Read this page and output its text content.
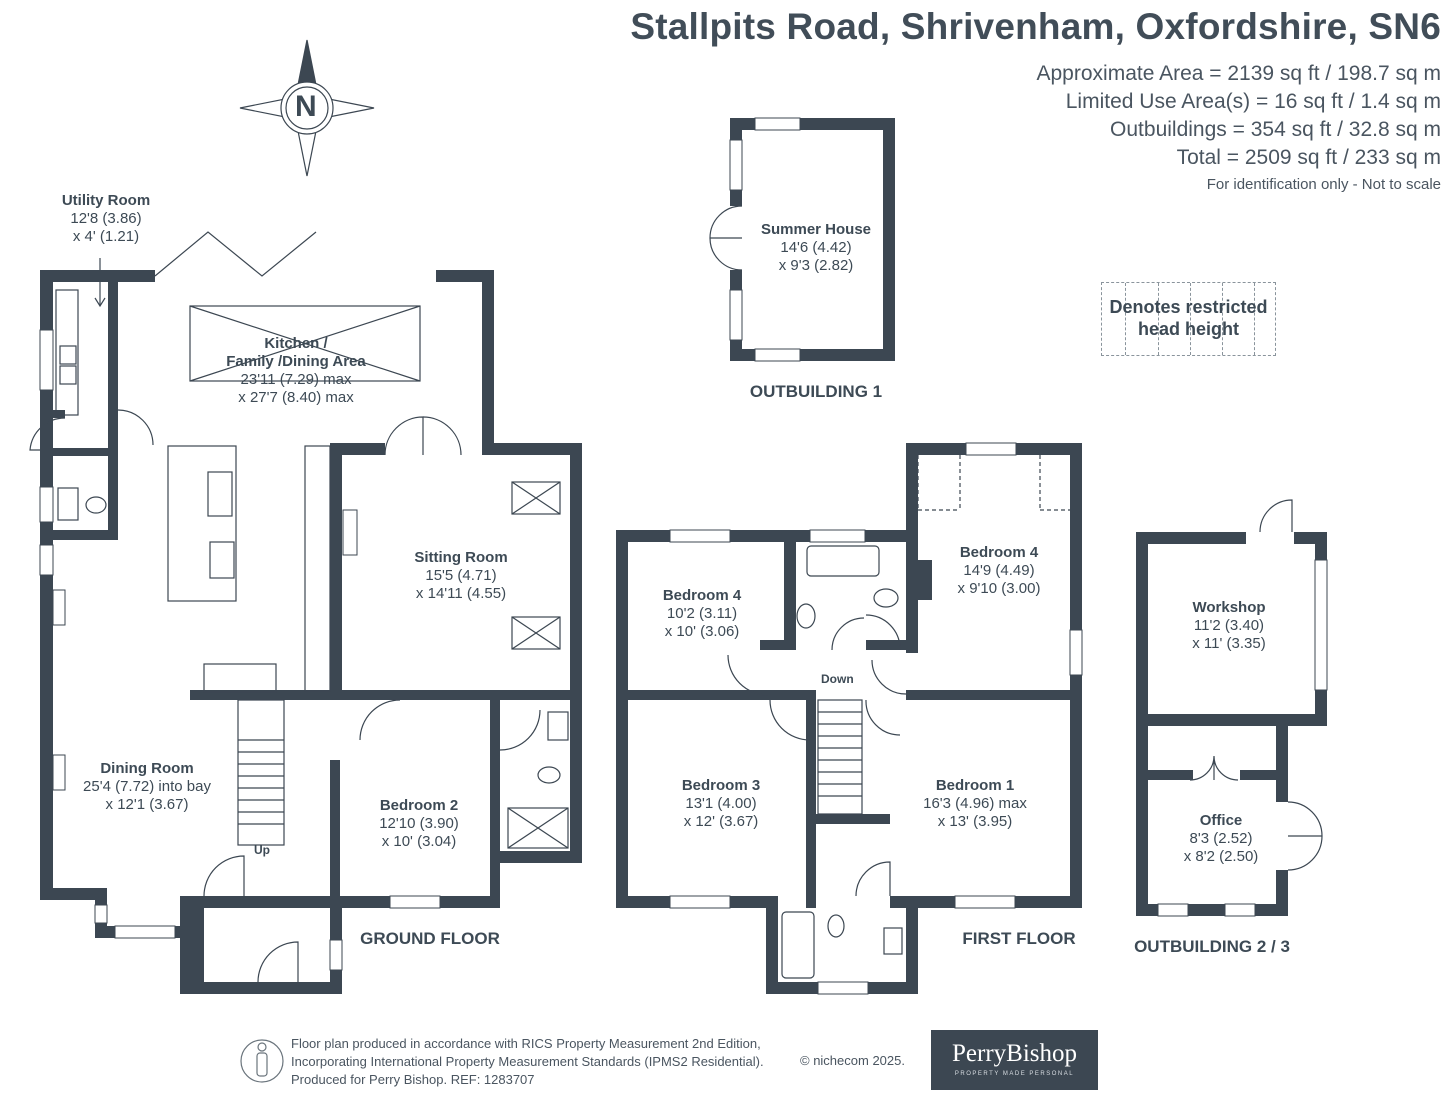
N
Stallpits Road, Shrivenham, Oxfordshire, SN6
Approximate Area = 2139 sq ft / 198.7 sq m
Limited Use Area(s) = 16 sq ft / 1.4 sq m
Outbuildings = 354 sq ft / 32.8 sq m
Total = 2509 sq ft / 233 sq m
For identification only - Not to scale
Denotes restricted
head height
Utility Room
12'8 (3.86)
x 4' (1.21)
Kitchen /
Family /Dining Area
23'11 (7.29) max
x 27'7 (8.40) max
Sitting Room
15'5 (4.71)
x 14'11 (4.55)
Dining Room
25'4 (7.72) into bay
x 12'1 (3.67)	Bedroom 2
12'10 (3.90)
x 10' (3.04)
Summer House
14'6 (4.42)
x 9'3 (2.82)
Bedroom 4
10'2 (3.11)
x 10' (3.06)
Bedroom 4
14'9 (4.49)
x 9'10 (3.00)
Bedroom 3
13'1 (4.00)
x 12' (3.67)
Bedroom 1
16'3 (4.96) max
x 13' (3.95)
Workshop
11'2 (3.40)
x 11' (3.35)
Office
8'3 (2.52)
x 8'2 (2.50)
Up
Down
GROUND FLOOR	FIRST FLOOR
OUTBUILDING 1
OUTBUILDING 2 / 3
Floor plan produced in accordance with RICS Property Measurement 2nd Edition,
Incorporating International Property Measurement Standards (IPMS2 Residential).
Produced for Perry Bishop. REF: 1283707
© nichecom 2025.	PerryBishop
PROPERTY MADE PERSONAL
